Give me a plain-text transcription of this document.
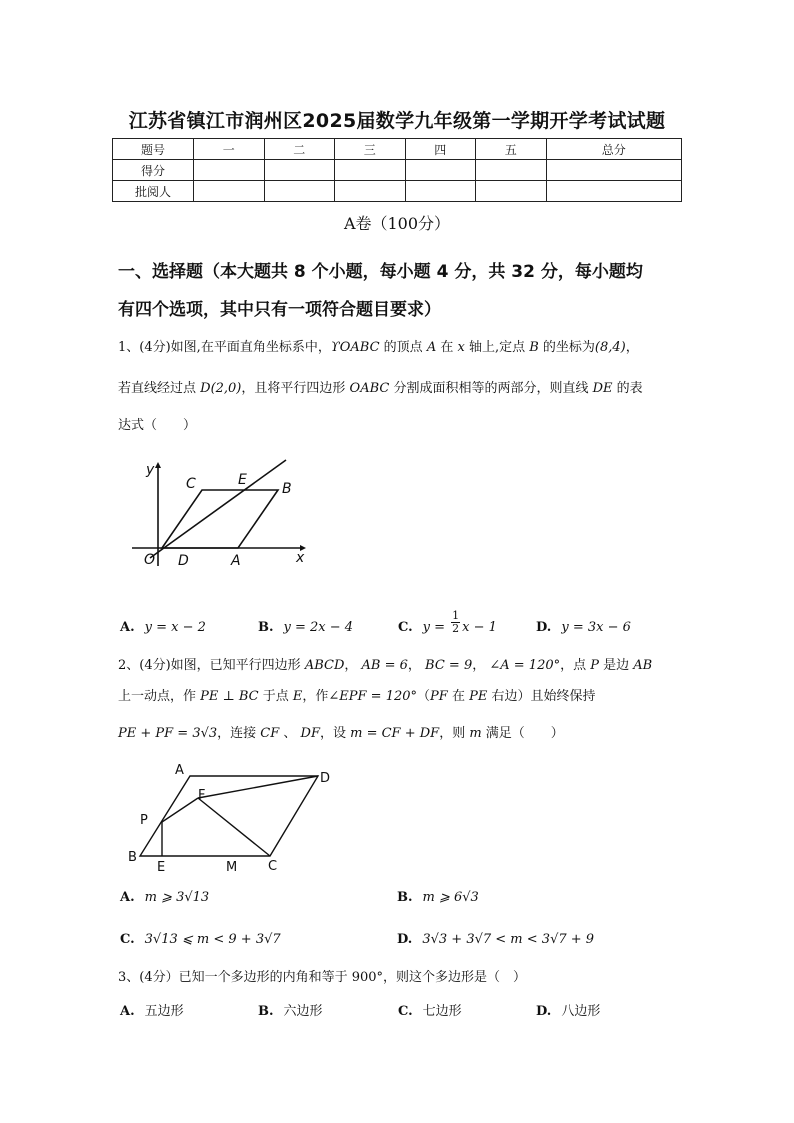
江苏省镇江市润州区2025届数学九年级第一学期开学考试试题
题号	一	二	三	四	五	总分
得分						
批阅人						
A卷（100分）
一、选择题（本大题共 8 个小题，每小题 4 分，共 32 分，每小题均
有四个选项，其中只有一项符合题目要求）
1、(4分)如图,在平面直角坐标系中，ϒOABC 的顶点 A 在 x 轴上,定点 B 的坐标为(8,4)，
若直线经过点 D(2,0)，且将平行四边形 OABC 分割成面积相等的两部分，则直线 DE 的表
达式（　　）
y
x
O D	A
B
C	E
A. y = x − 2	B. y = 2x − 4	C. $y = \frac{1}{2}$ x − 1	D. y = 3x − 6
2、(4分)如图，已知平行四边形 ABCD， AB = 6， BC = 9， ∠A = 120°，点 P 是边 AB
上一动点，作 PE ⊥ BC 于点 E，作∠EPF = 120°（PF 在 PE 右边）且始终保持
PE + PF = 3√3，连接 CF 、 DF，设 m = CF + DF，则 m 满足（　　）
A
B
C
D
E
F
P
M
A. m ⩾ 3√13	B. m ⩾ 6√3
C. 3√13 ⩽ m < 9 + 3√7	D. 3√3 + 3√7 < m < 3√7 + 9
3、(4分）已知一个多边形的内角和等于 900°，则这个多边形是（　）
A. 五边形	B. 六边形	C. 七边形	D. 八边形
